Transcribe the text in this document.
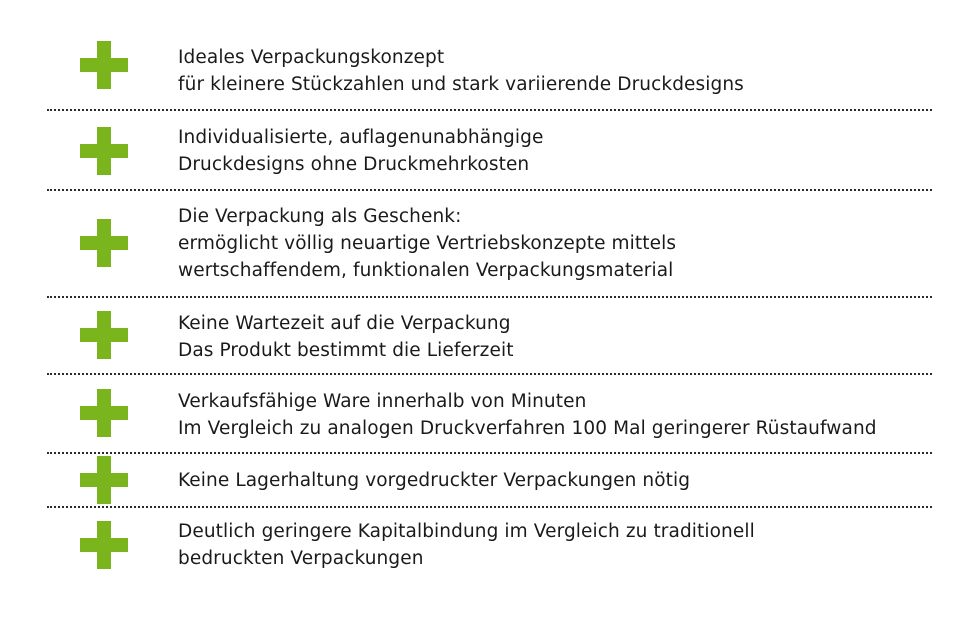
Ideales Verpackungskonzept
für kleinere Stückzahlen und stark variierende Druckdesigns
Individualisierte, auflagenunabhängige
Druckdesigns ohne Druckmehrkosten
Die Verpackung als Geschenk:
ermöglicht völlig neuartige Vertriebskonzepte mittels
wertschaffendem, funktionalen Verpackungsmaterial
Keine Wartezeit auf die Verpackung
Das Produkt bestimmt die Lieferzeit
Verkaufsfähige Ware innerhalb von Minuten
Im Vergleich zu analogen Druckverfahren 100 Mal geringerer Rüstaufwand
Keine Lagerhaltung vorgedruckter Verpackungen nötig
Deutlich geringere Kapitalbindung im Vergleich zu traditionell
bedruckten Verpackungen
